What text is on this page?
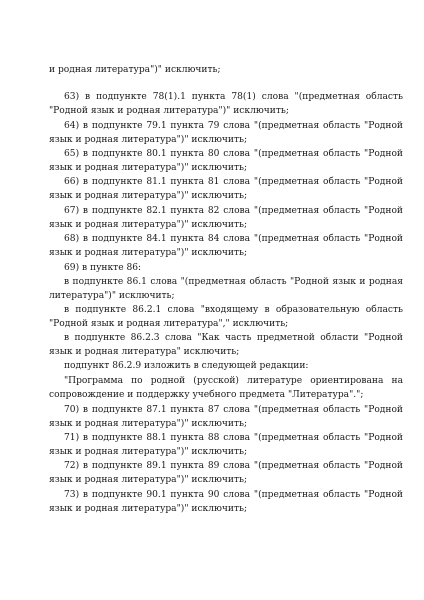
и родная литература")" исключить;

63) в подпункте 78(1).1 пункта 78(1) слова "(предметная область "Родной язык и родная литература")" исключить;

64) в подпункте 79.1 пункта 79 слова "(предметная область "Родной язык и родная литература")" исключить;

65) в подпункте 80.1 пункта 80 слова "(предметная область "Родной язык и родная литература")" исключить;

66) в подпункте 81.1 пункта 81 слова "(предметная область "Родной язык и родная литература")" исключить;

67) в подпункте 82.1 пункта 82 слова "(предметная область "Родной язык и родная литература")" исключить;

68) в подпункте 84.1 пункта 84 слова "(предметная область "Родной язык и родная литература")" исключить;

69) в пункте 86:

в подпункте 86.1 слова "(предметная область "Родной язык и родная литература")" исключить;

в подпункте 86.2.1 слова "входящему в образовательную область "Родной язык и родная литература"," исключить;

в подпункте 86.2.3 слова "Как часть предметной области "Родной язык и родная литература" исключить;

подпункт 86.2.9 изложить в следующей редакции:

"Программа по родной (русской) литературе ориентирована на сопровождение и поддержку учебного предмета "Литература".";

70) в подпункте 87.1 пункта 87 слова "(предметная область "Родной язык и родная литература")" исключить;

71) в подпункте 88.1 пункта 88 слова "(предметная область "Родной язык и родная литература")" исключить;

72) в подпункте 89.1 пункта 89 слова "(предметная область "Родной язык и родная литература")" исключить;

73) в подпункте 90.1 пункта 90 слова "(предметная область "Родной язык и родная литература")" исключить;
